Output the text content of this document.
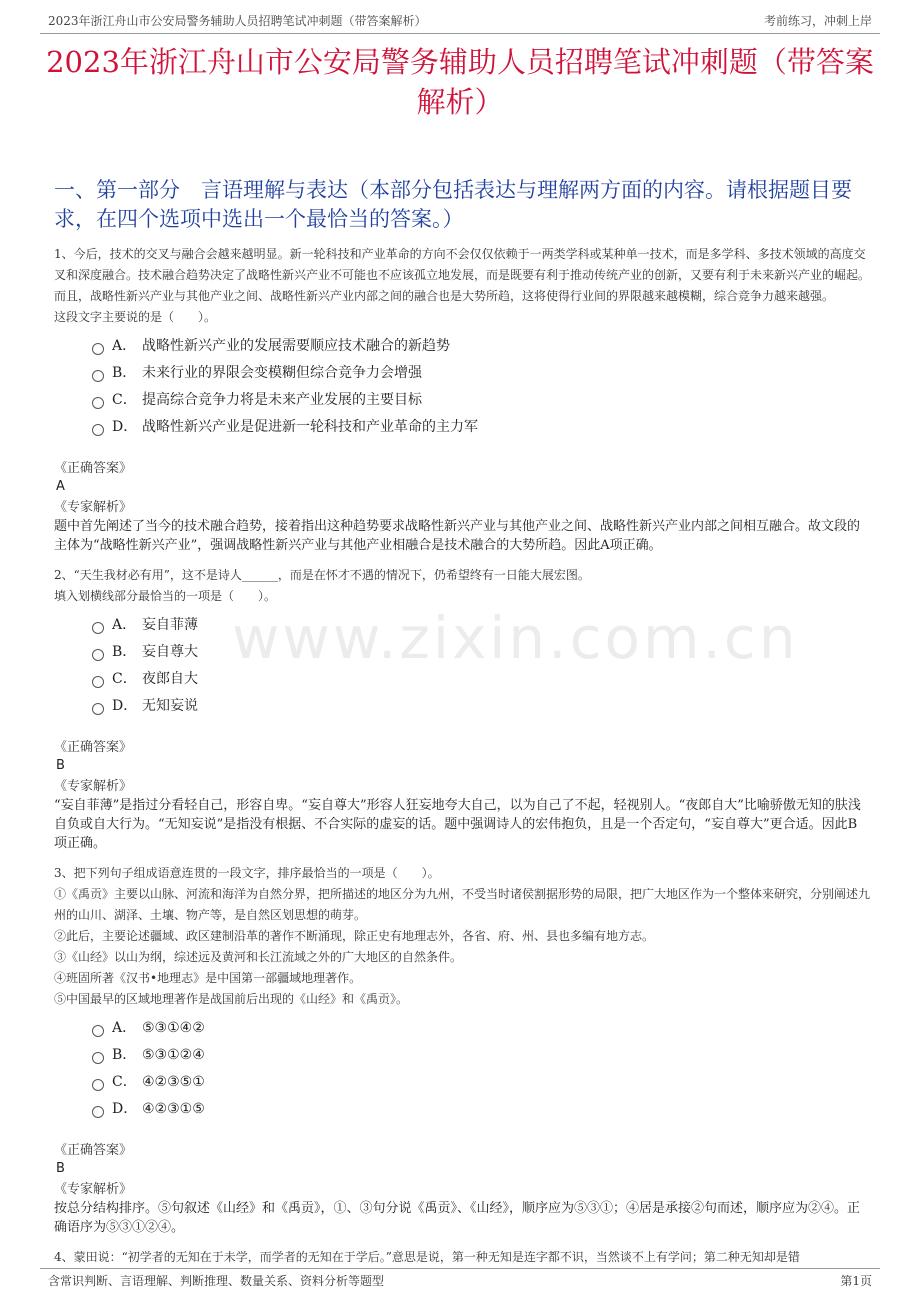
2023年浙江舟山市公安局警务辅助人员招聘笔试冲刺题（带答案解析）	考前练习，冲刺上岸
2023年浙江舟山市公安局警务辅助人员招聘笔试冲刺题（带答案解析）
一、第一部分　言语理解与表达（本部分包括表达与理解两方面的内容。请根据题目要求，在四个选项中选出一个最恰当的答案。）
www.zixin.com.cn
1、今后，技术的交叉与融合会越来越明显。新一轮科技和产业革命的方向不会仅仅依赖于一两类学科或某种单一技术，而是多学科、多技术领域的高度交叉和深度融合。技术融合趋势决定了战略性新兴产业不可能也不应该孤立地发展，而是既要有利于推动传统产业的创新，又要有利于未来新兴产业的崛起。而且，战略性新兴产业与其他产业之间、战略性新兴产业内部之间的融合也是大势所趋，这将使得行业间的界限越来越模糊，综合竞争力越来越强。
这段文字主要说的是（　　）。
A． 战略性新兴产业的发展需要顺应技术融合的新趋势
B． 未来行业的界限会变模糊但综合竞争力会增强
C． 提高综合竞争力将是未来产业发展的主要目标
D． 战略性新兴产业是促进新一轮科技和产业革命的主力军
《正确答案》
A
《专家解析》
题中首先阐述了当今的技术融合趋势，接着指出这种趋势要求战略性新兴产业与其他产业之间、战略性新兴产业内部之间相互融合。故文段的主体为“战略性新兴产业”，强调战略性新兴产业与其他产业相融合是技术融合的大势所趋。因此A项正确。
2、“天生我材必有用”，这不是诗人______，而是在怀才不遇的情况下，仍希望终有一日能大展宏图。
填入划横线部分最恰当的一项是（　　）。
A． 妄自菲薄
B． 妄自尊大
C． 夜郎自大
D． 无知妄说
《正确答案》
B
《专家解析》
“妄自菲薄”是指过分看轻自己，形容自卑。“妄自尊大”形容人狂妄地夸大自己，以为自己了不起，轻视别人。“夜郎自大”比喻骄傲无知的肤浅自负或自大行为。“无知妄说”是指没有根据、不合实际的虚妄的话。题中强调诗人的宏伟抱负，且是一个否定句，“妄自尊大”更合适。因此B项正确。
3、把下列句子组成语意连贯的一段文字，排序最恰当的一项是（　　）。
①《禹贡》主要以山脉、河流和海洋为自然分界，把所描述的地区分为九州，不受当时诸侯割据形势的局限，把广大地区作为一个整体来研究，分别阐述九州的山川、湖泽、土壤、物产等，是自然区划思想的萌芽。
②此后，主要论述疆域、政区建制沿革的著作不断涌现，除正史有地理志外，各省、府、州、县也多编有地方志。
③《山经》以山为纲，综述远及黄河和长江流域之外的广大地区的自然条件。
④班固所著《汉书•地理志》是中国第一部疆域地理著作。
⑤中国最早的区域地理著作是战国前后出现的《山经》和《禹贡》。
A． ⑤③①④②
B． ⑤③①②④
C． ④②③⑤①
D． ④②③①⑤
《正确答案》
B
《专家解析》
按总分结构排序。⑤句叙述《山经》和《禹贡》，①、③句分说《禹贡》、《山经》，顺序应为⑤③①；④居是承接②句而述，顺序应为②④。正确语序为⑤③①②④。
4、蒙田说：“初学者的无知在于未学，而学者的无知在于学后。”意思是说，第一种无知是连字都不识，当然谈不上有学问；第二种无知却是错
含常识判断、言语理解、判断推理、数量关系、资料分析等题型	第1页
